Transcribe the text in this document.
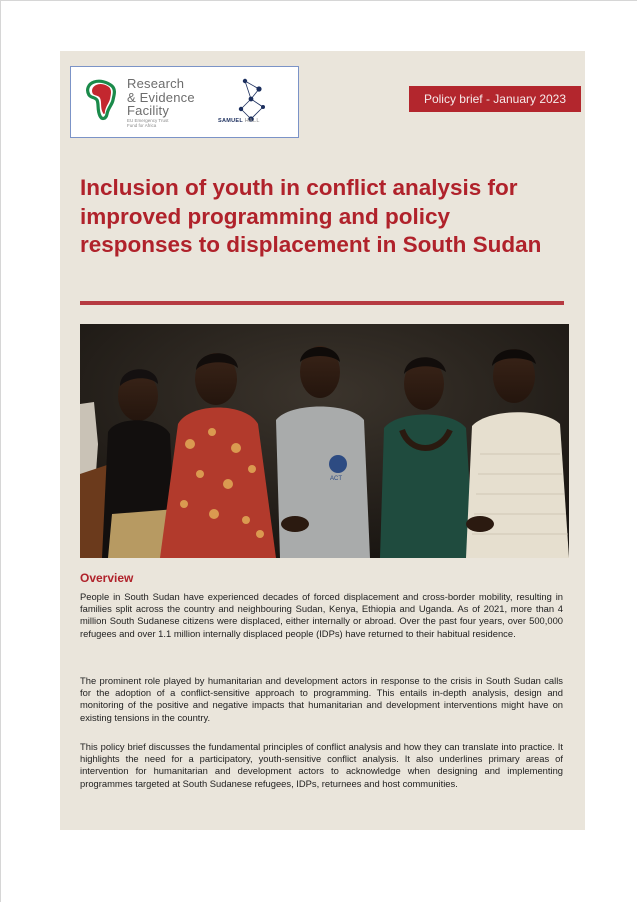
Research
& Evidence
Facility
EU Emergency Trust
Fund for Africa
SAMUEL HALL
Policy brief - January 2023
Inclusion of youth in conflict analysis for improved programming and policy responses to displacement in South Sudan
ACT
Overview

People in South Sudan have experienced decades of forced displacement and cross-border mobility, resulting in families split across the country and neighbouring Sudan, Kenya, Ethiopia and Uganda. As of 2021, more than 4 million South Sudanese citizens were displaced, either internally or abroad. Over the past four years, over 500,000 refugees and over 1.1 million internally displaced people (IDPs) have returned to their habitual residence.

The prominent role played by humanitarian and development actors in response to the crisis in South Sudan calls for the adoption of a conflict-sensitive approach to programming. This entails in-depth analysis, design and monitoring of the positive and negative impacts that humanitarian and development interventions might have on existing tensions in the country.

This policy brief discusses the fundamental principles of conflict analysis and how they can translate into practice. It highlights the need for a participatory, youth-sensitive conflict analysis. It also underlines primary areas of intervention for humanitarian and development actors to acknowledge when designing and implementing programmes targeted at South Sudanese refugees, IDPs, returnees and host communities.
